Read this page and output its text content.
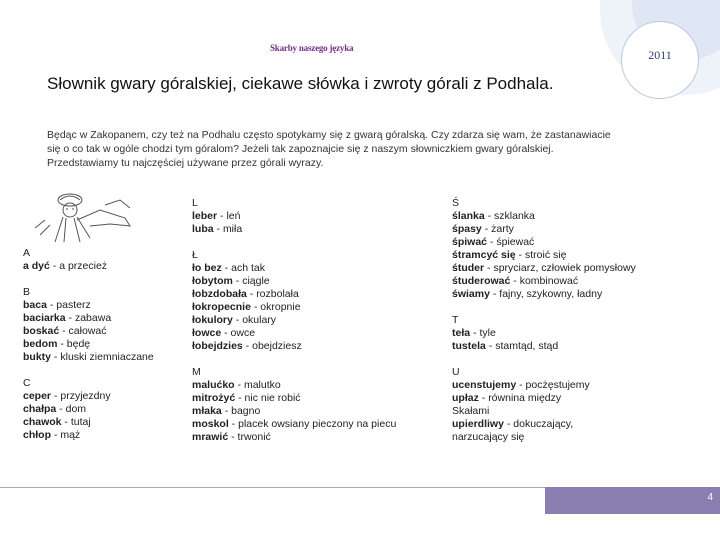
2011
Skarby naszego języka
Słownik gwary góralskiej, ciekawe słówka i zwroty górali z Podhala.
Będąc w Zakopanem, czy też na Podhalu często spotykamy się z gwarą góralską. Czy zdarza się wam, że zastanawiacie się o co tak w ogóle chodzi tym góralom? Jeżeli tak zapoznajcie się z naszym słowniczkiem gwary góralskiej. Przedstawiamy tu najczęściej używane przez górali wyrazy.
A
a dyć - a przecież
B
baca - pasterz
baciarka - zabawa
boskać - całować
bedom - będę
bukty - kluski ziemniaczane
C
ceper - przyjezdny
chałpa - dom
chawok - tutaj
chłop - mąż
L
leber - leń
luba - miła
Ł
ło bez - ach tak
łobytom - ciągle
łobzdobała - rozbolała
łokropecnie - okropnie
łokulory - okulary
łowce - owce
łobejdzies - obejdziesz
M
malućko - malutko
mitrożyć - nic nie robić
młaka - bagno
moskol - placek owsiany pieczony na piecu
mrawić - trwonić
Ś
ślanka - szklanka
śpasy - żarty
śpiwać - śpiewać
śtramcyć się - stroić się
śtuder - spryciarz, człowiek pomysłowy
śtuderować - kombinować
świamy - fajny, szykowny, ładny
T
teła - tyle
tustela - stamtąd, stąd
U
ucenstujemy - pocżęstujemy
upłaz - równina między
Skałami
upierdliwy - dokuczający,
narzucający się
4
